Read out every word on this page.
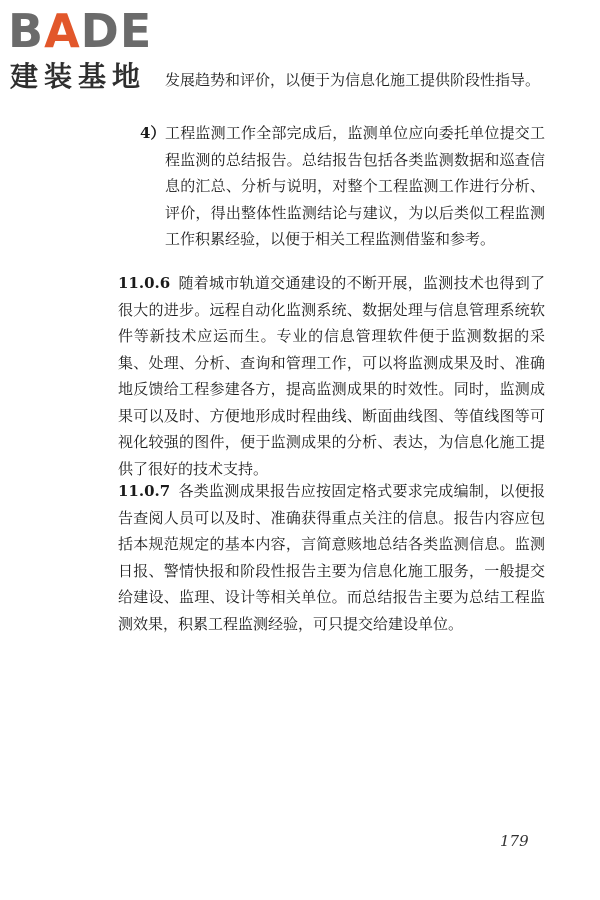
BADE
建装基地 发展趋势和评价，以便于为信息化施工提供阶段性指导。
4） 工程监测工作全部完成后，监测单位应向委托单位提交工程监测的总结报告。总结报告包括各类监测数据和巡查信息的汇总、分析与说明，对整个工程监测工作进行分析、评价，得出整体性监测结论与建议，为以后类似工程监测工作积累经验，以便于相关工程监测借鉴和参考。
11.0.6 随着城市轨道交通建设的不断开展，监测技术也得到了很大的进步。远程自动化监测系统、数据处理与信息管理系统软件等新技术应运而生。专业的信息管理软件便于监测数据的采集、处理、分析、查询和管理工作，可以将监测成果及时、准确地反馈给工程参建各方，提高监测成果的时效性。同时，监测成果可以及时、方便地形成时程曲线、断面曲线图、等值线图等可视化较强的图件，便于监测成果的分析、表达，为信息化施工提供了很好的技术支持。
11.0.7 各类监测成果报告应按固定格式要求完成编制，以便报告查阅人员可以及时、准确获得重点关注的信息。报告内容应包括本规范规定的基本内容，言简意赅地总结各类监测信息。监测日报、警情快报和阶段性报告主要为信息化施工服务，一般提交给建设、监理、设计等相关单位。而总结报告主要为总结工程监测效果，积累工程监测经验，可只提交给建设单位。
179
